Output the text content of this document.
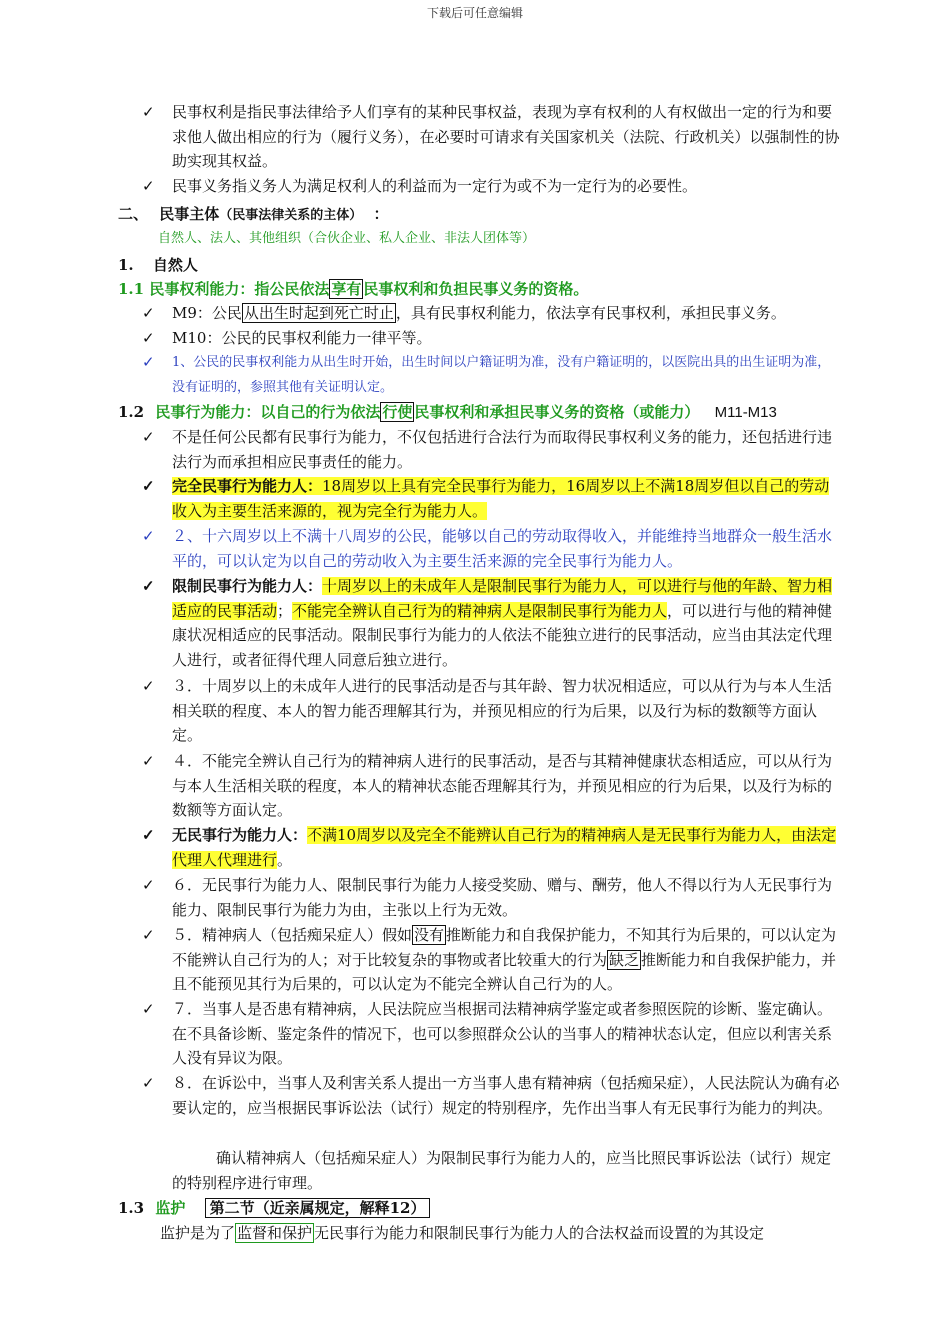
下载后可任意编辑
✓ 民事权利是指民事法律给予人们享有的某种民事权益，表现为享有权利的人有权做出一定的行为和要求他人做出相应的行为（履行义务），在必要时可请求有关国家机关（法院、行政机关）以强制性的协助实现其权益。
✓ 民事义务指义务人为满足权利人的利益而为一定行为或不为一定行为的必要性。
二、 民事主体（民事法律关系的主体） ：
自然人、法人、其他组织（合伙企业、私人企业、非法人团体等）
1. 自然人
1.1 民事权利能力：指公民依法 享有 民事权利和负担民事义务的资格。
✓ M9：公民 从出生时起到死亡时止 ，具有民事权利能力，依法享有民事权利，承担民事义务。
✓ M10：公民的民事权利能力一律平等。
✓ 1、公民的民事权利能力从出生时开始，出生时间以户籍证明为准，没有户籍证明的，以医院出具的出生证明为准，没有证明的，参照其他有关证明认定。
1.2 民事行为能力：以自己的行为依法 行使 民事权利和承担民事义务的资格（或能力） M11-M13
✓ 不是任何公民都有民事行为能力，不仅包括进行合法行为而取得民事权利义务的能力，还包括进行违法行为而承担相应民事责任的能力。
✓ 完全民事行为能力人：18周岁以上具有完全民事行为能力，16周岁以上不满18周岁但以自己的劳动收入为主要生活来源的，视为完全行为能力人。
✓ ２、十六周岁以上不满十八周岁的公民，能够以自己的劳动取得收入，并能维持当地群众一般生活水平的，可以认定为以自己的劳动收入为主要生活来源的完全民事行为能力人。
✓ 限制民事行为能力人：十周岁以上的未成年人是限制民事行为能力人，可以进行与他的年龄、智力相适应的民事活动；不能完全辨认自己行为的精神病人是限制民事行为能力人，可以进行与他的精神健康状况相适应的民事活动。限制民事行为能力的人依法不能独立进行的民事活动，应当由其法定代理人进行，或者征得代理人同意后独立进行。
✓ ３．十周岁以上的未成年人进行的民事活动是否与其年龄、智力状况相适应，可以从行为与本人生活相关联的程度、本人的智力能否理解其行为，并预见相应的行为后果，以及行为标的数额等方面认定。
✓ ４．不能完全辨认自己行为的精神病人进行的民事活动，是否与其精神健康状态相适应，可以从行为与本人生活相关联的程度，本人的精神状态能否理解其行为，并预见相应的行为后果，以及行为标的数额等方面认定。
✓ 无民事行为能力人：不满10周岁以及完全不能辨认自己行为的精神病人是无民事行为能力人，由法定代理人代理进行。
✓ ６．无民事行为能力人、限制民事行为能力人接受奖励、赠与、酬劳，他人不得以行为人无民事行为能力、限制民事行为能力为由，主张以上行为无效。
✓ ５．精神病人（包括痴呆症人）假如 没有 推断能力和自我保护能力，不知其行为后果的，可以认定为不能辨认自己行为的人；对于比较复杂的事物或者比较重大的行为 缺乏 推断能力和自我保护能力，并且不能预见其行为后果的，可以认定为不能完全辨认自己行为的人。
✓ ７．当事人是否患有精神病，人民法院应当根据司法精神病学鉴定或者参照医院的诊断、鉴定确认。在不具备诊断、鉴定条件的情况下，也可以参照群众公认的当事人的精神状态认定，但应以利害关系人没有异议为限。
✓ ８．在诉讼中，当事人及利害关系人提出一方当事人患有精神病（包括痴呆症），人民法院认为确有必要认定的，应当根据民事诉讼法（试行）规定的特别程序，先作出当事人有无民事行为能力的判决。
确认精神病人（包括痴呆症人）为限制民事行为能力人的，应当比照民事诉讼法（试行）规定的特别程序进行审理。
1.3 监护 第二节（近亲属规定，解释12）
监护是为了 监督和保护 无民事行为能力和限制民事行为能力人的合法权益而设置的为其设定
